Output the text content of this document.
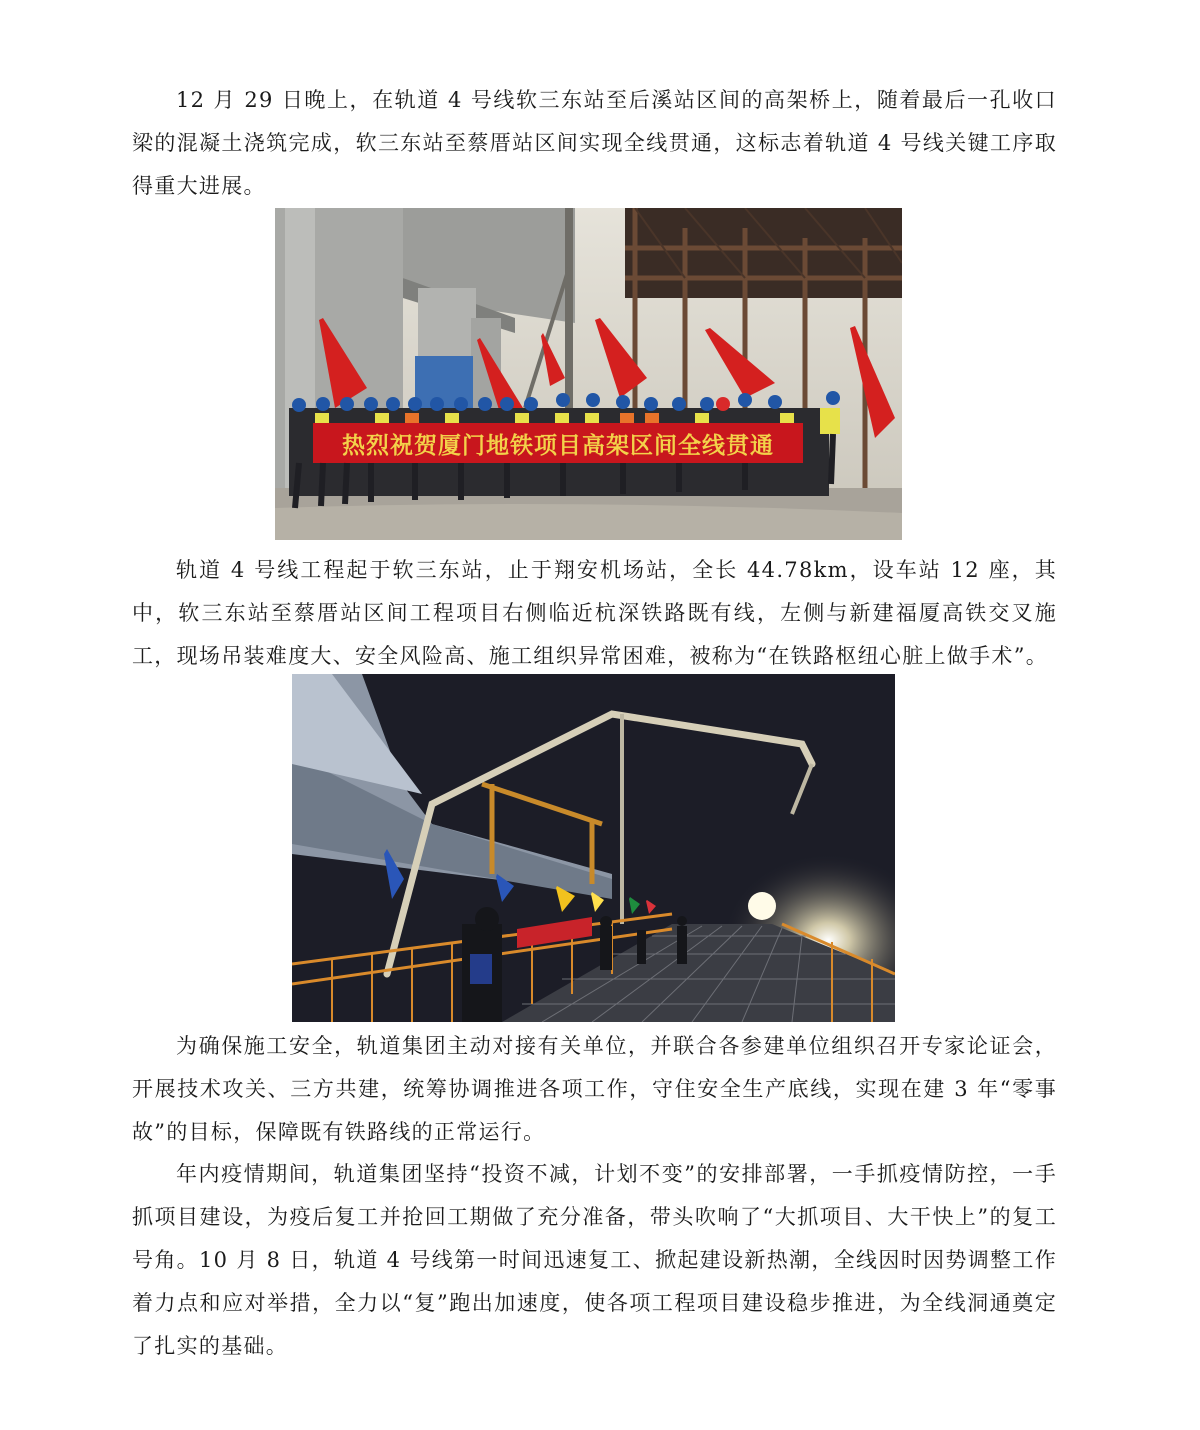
12 月 29 日晚上，在轨道 4 号线软三东站至后溪站区间的高架桥上，随着最后一孔收口梁的混凝土浇筑完成，软三东站至蔡厝站区间实现全线贯通，这标志着轨道 4 号线关键工序取得重大进展。

热烈祝贺厦门地铁项目高架区间全线贯通

轨道 4 号线工程起于软三东站，止于翔安机场站，全长 44.78km，设车站 12 座，其中，软三东站至蔡厝站区间工程项目右侧临近杭深铁路既有线，左侧与新建福厦高铁交叉施工，现场吊装难度大、安全风险高、施工组织异常困难，被称为“在铁路枢纽心脏上做手术”。

为确保施工安全，轨道集团主动对接有关单位，并联合各参建单位组织召开专家论证会，开展技术攻关、三方共建，统筹协调推进各项工作，守住安全生产底线，实现在建 3 年“零事故”的目标，保障既有铁路线的正常运行。

年内疫情期间，轨道集团坚持“投资不减，计划不变”的安排部署，一手抓疫情防控，一手抓项目建设，为疫后复工并抢回工期做了充分准备，带头吹响了“大抓项目、大干快上”的复工号角。10 月 8 日，轨道 4 号线第一时间迅速复工、掀起建设新热潮，全线因时因势调整工作着力点和应对举措，全力以“复”跑出加速度，使各项工程项目建设稳步推进，为全线洞通奠定了扎实的基础。
